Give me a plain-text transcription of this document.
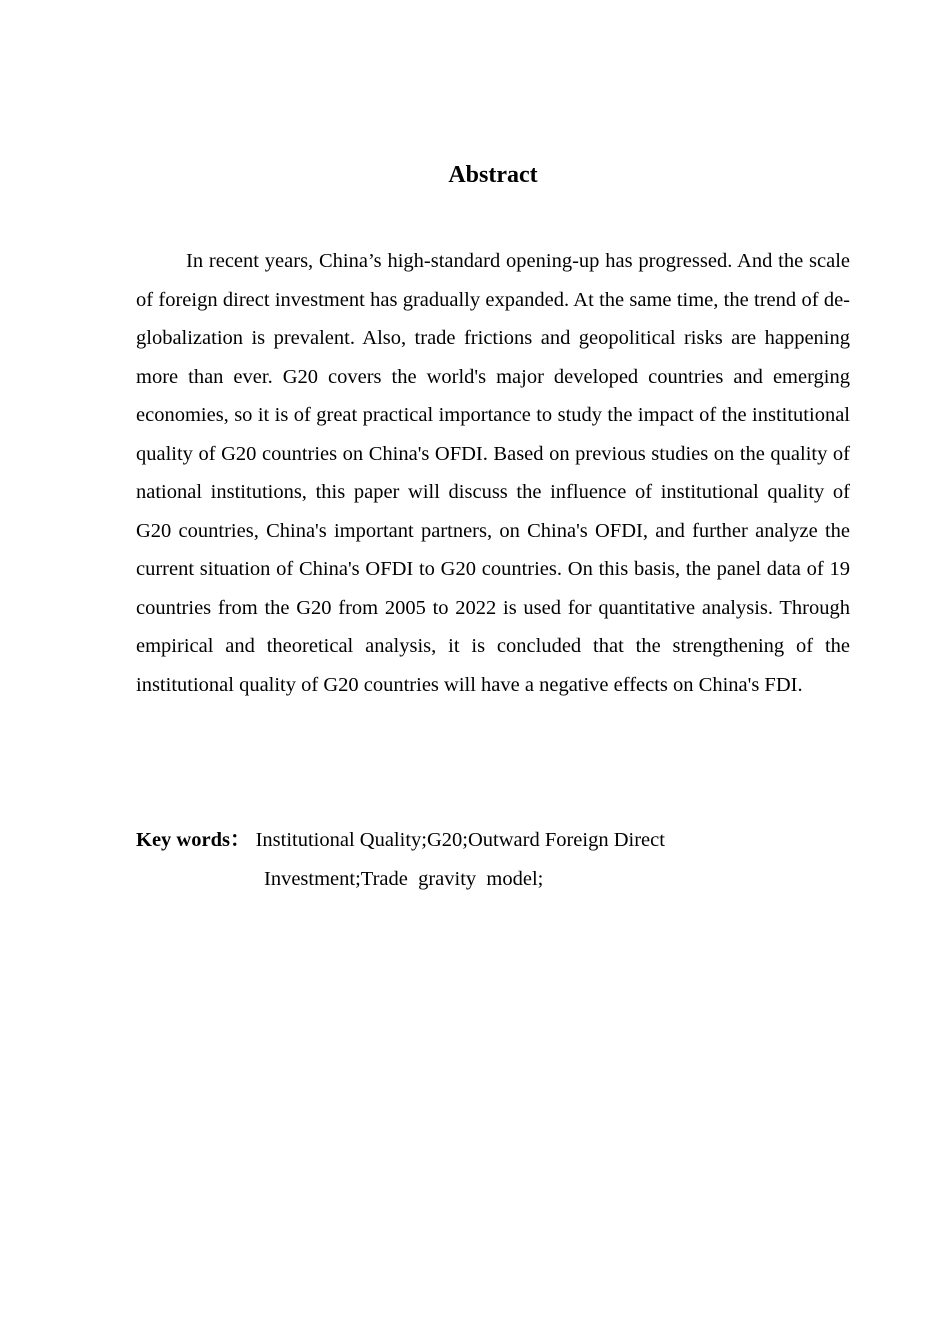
Abstract

In recent years, China’s high-standard opening-up has progressed. And the scale of foreign direct investment has gradually expanded. At the same time, the trend of de-globalization is prevalent. Also, trade frictions and geopolitical risks are happening more than ever. G20 covers the world's major developed countries and emerging economies, so it is of great practical importance to study the impact of the institutional quality of G20 countries on China's OFDI. Based on previous studies on the quality of national institutions, this paper will discuss the influence of institutional quality of G20 countries, China's important partners, on China's OFDI, and further analyze the current situation of China's OFDI to G20 countries. On this basis, the panel data of 19 countries from the G20 from 2005 to 2022 is used for quantitative analysis. Through empirical and theoretical analysis, it is concluded that the strengthening of the institutional quality of G20 countries will have a negative effects on China's FDI.

Key words： Institutional Quality;G20;Outward Foreign Direct
Investment;Trade  gravity  model;
